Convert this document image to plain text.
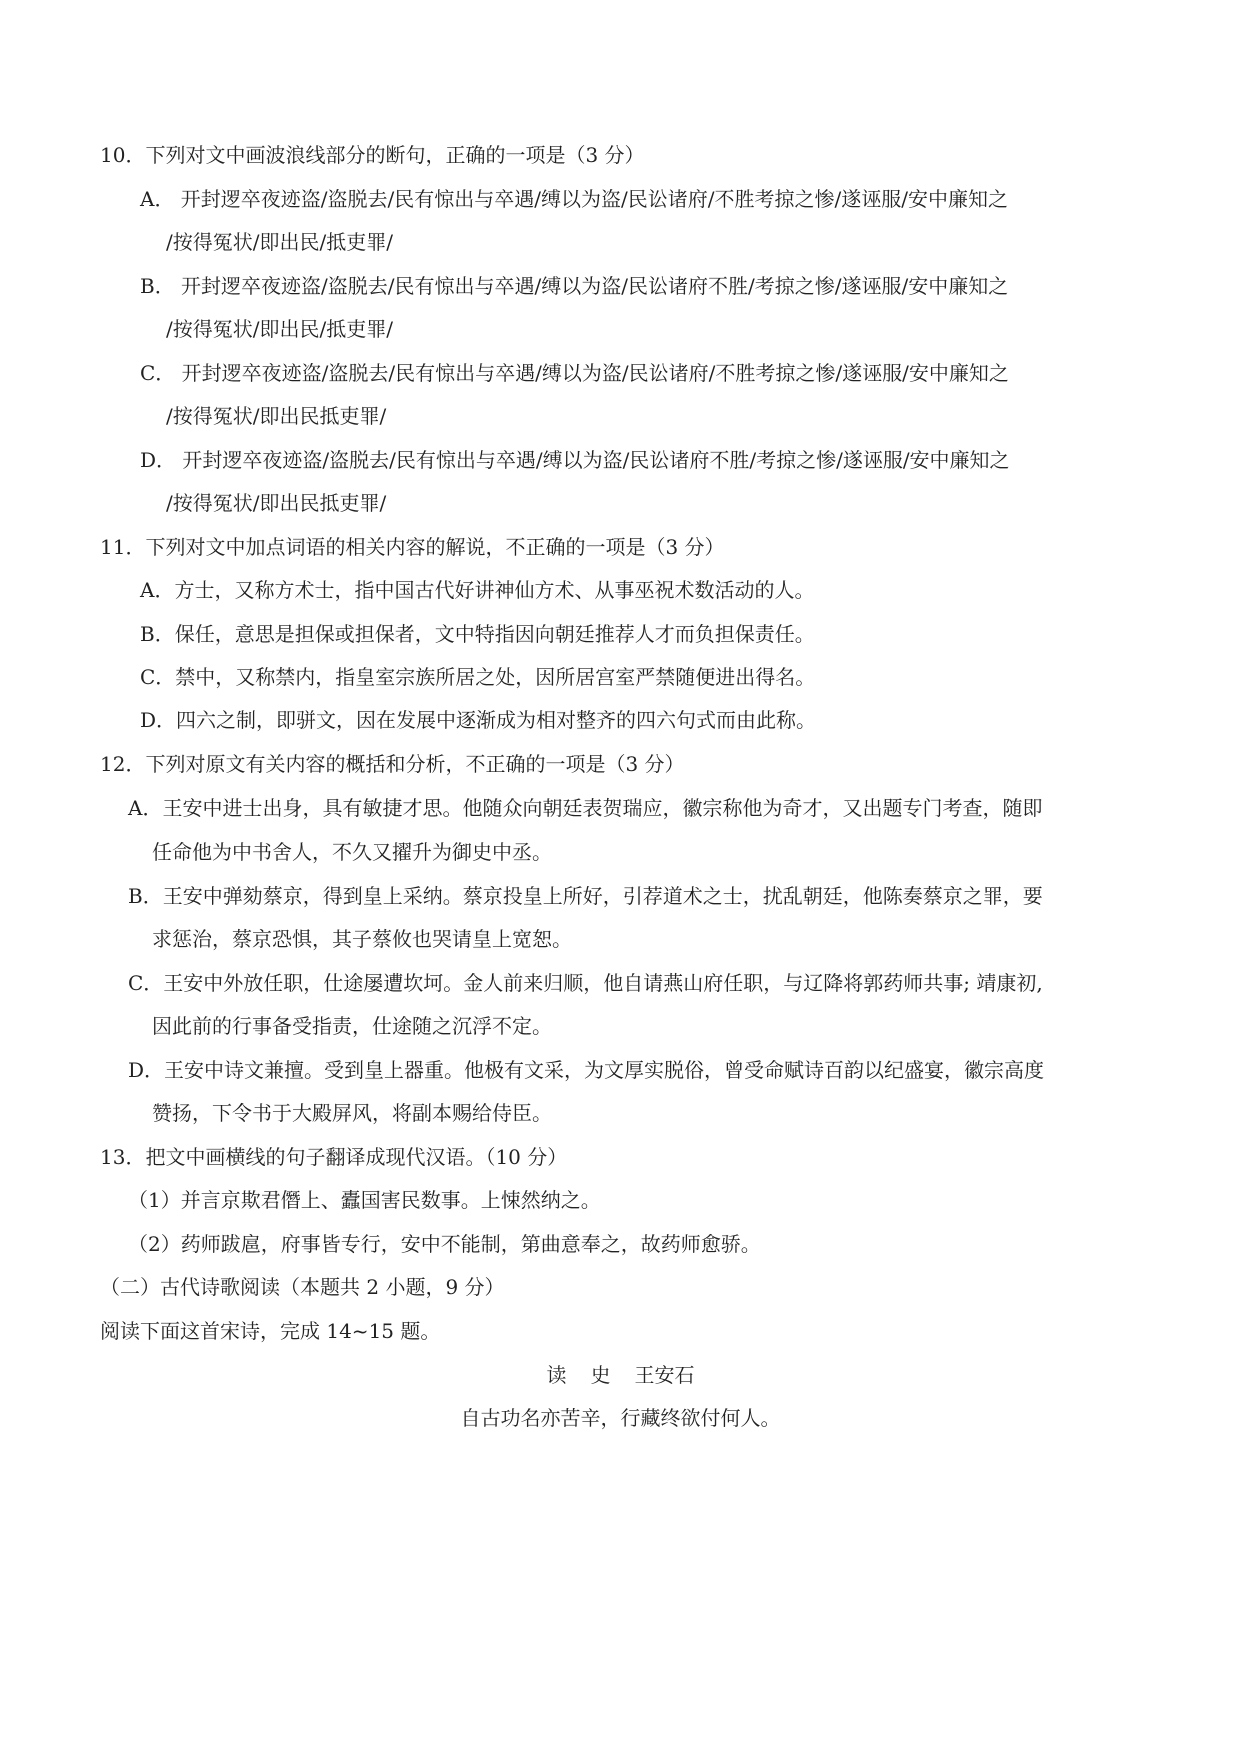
10．下列对文中画波浪线部分的断句，正确的一项是（3 分）
A． 开封逻卒夜迹盗/盗脱去/民有惊出与卒遇/缚以为盗/民讼诸府/不胜考掠之惨/遂诬服/安中廉知之
/按得冤状/即出民/抵吏罪/
B． 开封逻卒夜迹盗/盗脱去/民有惊出与卒遇/缚以为盗/民讼诸府不胜/考掠之惨/遂诬服/安中廉知之
/按得冤状/即出民/抵吏罪/
C． 开封逻卒夜迹盗/盗脱去/民有惊出与卒遇/缚以为盗/民讼诸府/不胜考掠之惨/遂诬服/安中廉知之
/按得冤状/即出民抵吏罪/
D． 开封逻卒夜迹盗/盗脱去/民有惊出与卒遇/缚以为盗/民讼诸府不胜/考掠之惨/遂诬服/安中廉知之
/按得冤状/即出民抵吏罪/
11．下列对文中加点词语的相关内容的解说，不正确的一项是（3 分）
A．方士，又称方术士，指中国古代好讲神仙方术、从事巫祝术数活动的人。
B．保任，意思是担保或担保者，文中特指因向朝廷推荐人才而负担保责任。
C．禁中，又称禁内，指皇室宗族所居之处，因所居宫室严禁随便进出得名。
D．四六之制，即骈文，因在发展中逐渐成为相对整齐的四六句式而由此称。
12．下列对原文有关内容的概括和分析，不正确的一项是（3 分）
A．王安中进士出身，具有敏捷才思。他随众向朝廷表贺瑞应，徽宗称他为奇才，又出题专门考查，随即
任命他为中书舍人，不久又擢升为御史中丞。
B．王安中弹劾蔡京，得到皇上采纳。蔡京投皇上所好，引荐道术之士，扰乱朝廷，他陈奏蔡京之罪，要
求惩治，蔡京恐惧，其子蔡攸也哭请皇上宽恕。
C．王安中外放任职，仕途屡遭坎坷。金人前来归顺，他自请燕山府任职，与辽降将郭药师共事; 靖康初,
因此前的行事备受指责，仕途随之沉浮不定。
D．王安中诗文兼擅。受到皇上器重。他极有文采，为文厚实脱俗，曾受命赋诗百韵以纪盛宴，徽宗高度
赞扬，下令书于大殿屏风，将副本赐给侍臣。
13．把文中画横线的句子翻译成现代汉语。（10 分）
（1）并言京欺君僭上、蠹国害民数事。上悚然纳之。
（2）药师跋扈，府事皆专行，安中不能制，第曲意奉之，故药师愈骄。
（二）古代诗歌阅读（本题共 2 小题，9 分）
阅读下面这首宋诗，完成 14~15 题。
读 史 王安石
自古功名亦苦辛，行藏终欲付何人。
